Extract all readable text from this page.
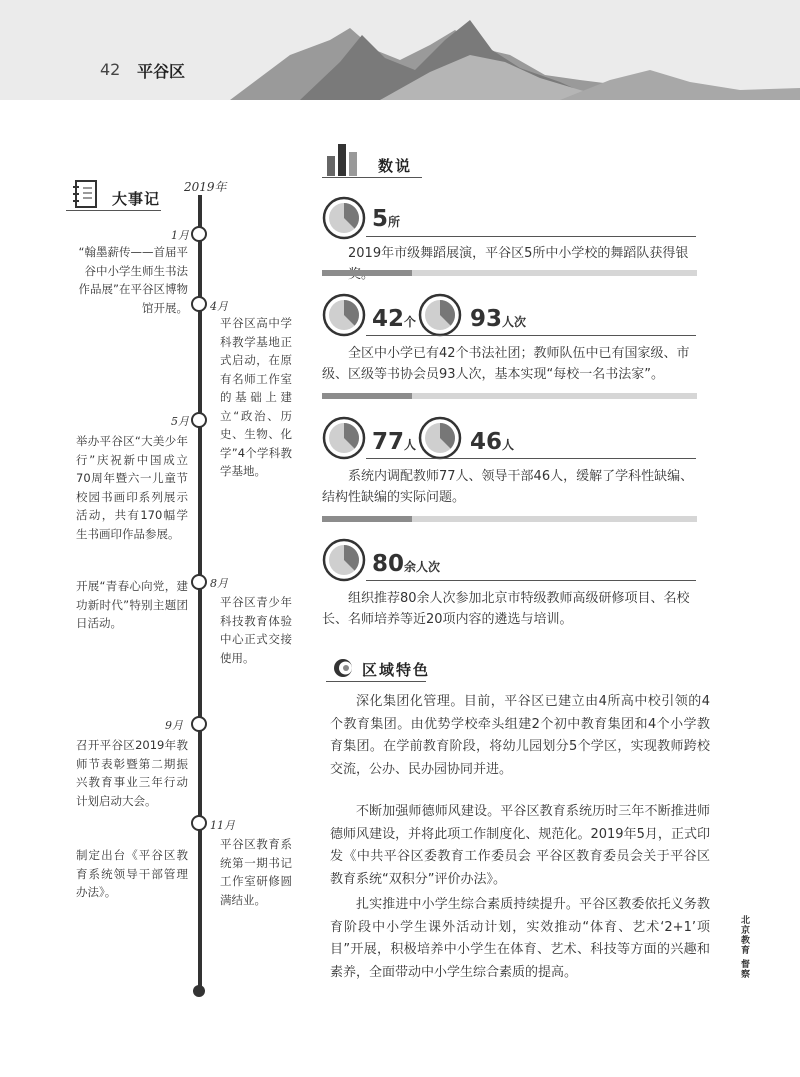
42 平谷区
大事记
2019年
1月
4月
5月
8月
9月
11月
“翰墨薪传——首届平谷中小学生师生书法作品展”在平谷区博物馆开展。
举办平谷区“大美少年行”庆祝新中国成立70周年暨六一儿童节校园书画印系列展示活动，共有170幅学生书画印作品参展。
开展“青春心向党，建功新时代”特别主题团日活动。
召开平谷区2019年教师节表彰暨第二期振兴教育事业三年行动计划启动大会。
制定出台《平谷区教育系统领导干部管理办法》。
平谷区高中学科教学基地正式启动，在原有名师工作室的基础上建立“政治、历史、生物、化学”4个学科教学基地。
平谷区青少年科技教育体验中心正式交接使用。
平谷区教育系统第一期书记工作室研修圆满结业。
数说
5所
2019年市级舞蹈展演，平谷区5所中小学校的舞蹈队获得银
42个 93人次
全区中小学已有42个书法社团；教师队伍中已有国家级、市级、区级等书协会员93人次，基本实现“每校一名书法家”。
77人 46人
系统内调配教师77人、领导干部46人，缓解了学科性缺编、结构性缺编的实际问题。
80余人次
组织推荐80余人次参加北京市特级教师高级研修项目、名校长、名师培养等近20项内容的遴选与培训。
区域特色
深化集团化管理。目前，平谷区已建立由4所高中校引领的4个教育集团。由优势学校牵头组建2个初中教育集团和4个小学教育集团。在学前教育阶段，将幼儿园划分5个学区，实现教师跨校交流，公办、民办园协同并进。
不断加强师德师风建设。平谷区教育系统历时三年不断推进师德师风建设，并将此项工作制度化、规范化。2019年5月，正式印发《中共平谷区委教育工作委员会 平谷区教育委员会关于平谷区教育系统“双积分”评价办法》。
扎实推进中小学生综合素质持续提升。平谷区教委依托义务教育阶段中小学生课外活动计划，实效推动“体育、艺术‘2+1’项目”开展，积极培养中小学生在体育、艺术、科技等方面的兴趣和素养，全面带动中小学生综合素质的提高。	北京教育 督察
